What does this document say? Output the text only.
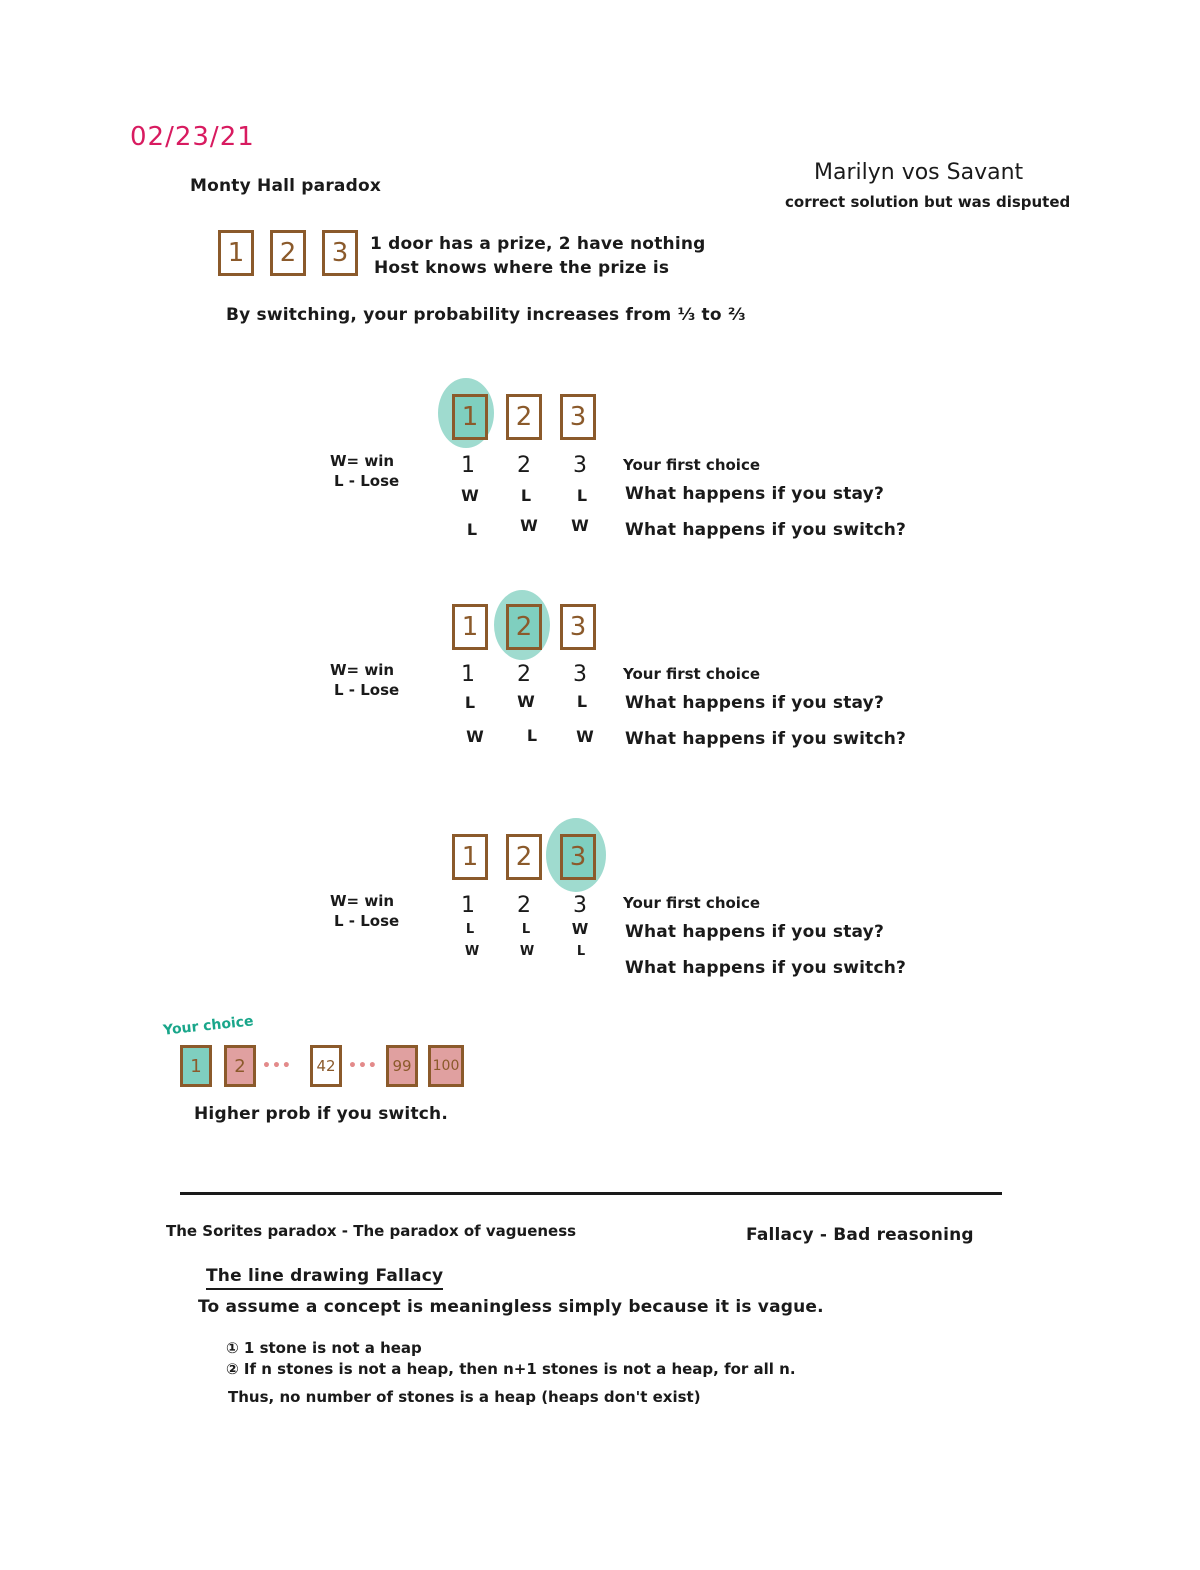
02/23/21
Monty Hall paradox
Marilyn vos Savant
correct solution but was disputed
1	2	3	1 door has a prize, 2 have nothing
Host knows where the prize is
By switching, your probability increases from ⅓ to ⅔
1	2	3
W= win
L - Lose
1	2	3
W	L	L
L	W	W
Your first choice
What happens if you stay?
What happens if you switch?
1	2	3
W= win
L - Lose
1	2	3
L	W	L
W	L	W
Your first choice
What happens if you stay?
What happens if you switch?
1	2	3
W= win
L - Lose
1	2	3
L	L	W
W	W	L
Your first choice
What happens if you stay?
What happens if you switch?
Your choice
1	2	•••	42 ••• 99	100
Higher prob if you switch.
The Sorites paradox - The paradox of vagueness	Fallacy - Bad reasoning
The line drawing Fallacy
To assume a concept is meaningless simply because it is vague.
① 1 stone is not a heap
② If n stones is not a heap, then n+1 stones is not a heap, for all n.
Thus, no number of stones is a heap (heaps don't exist)
